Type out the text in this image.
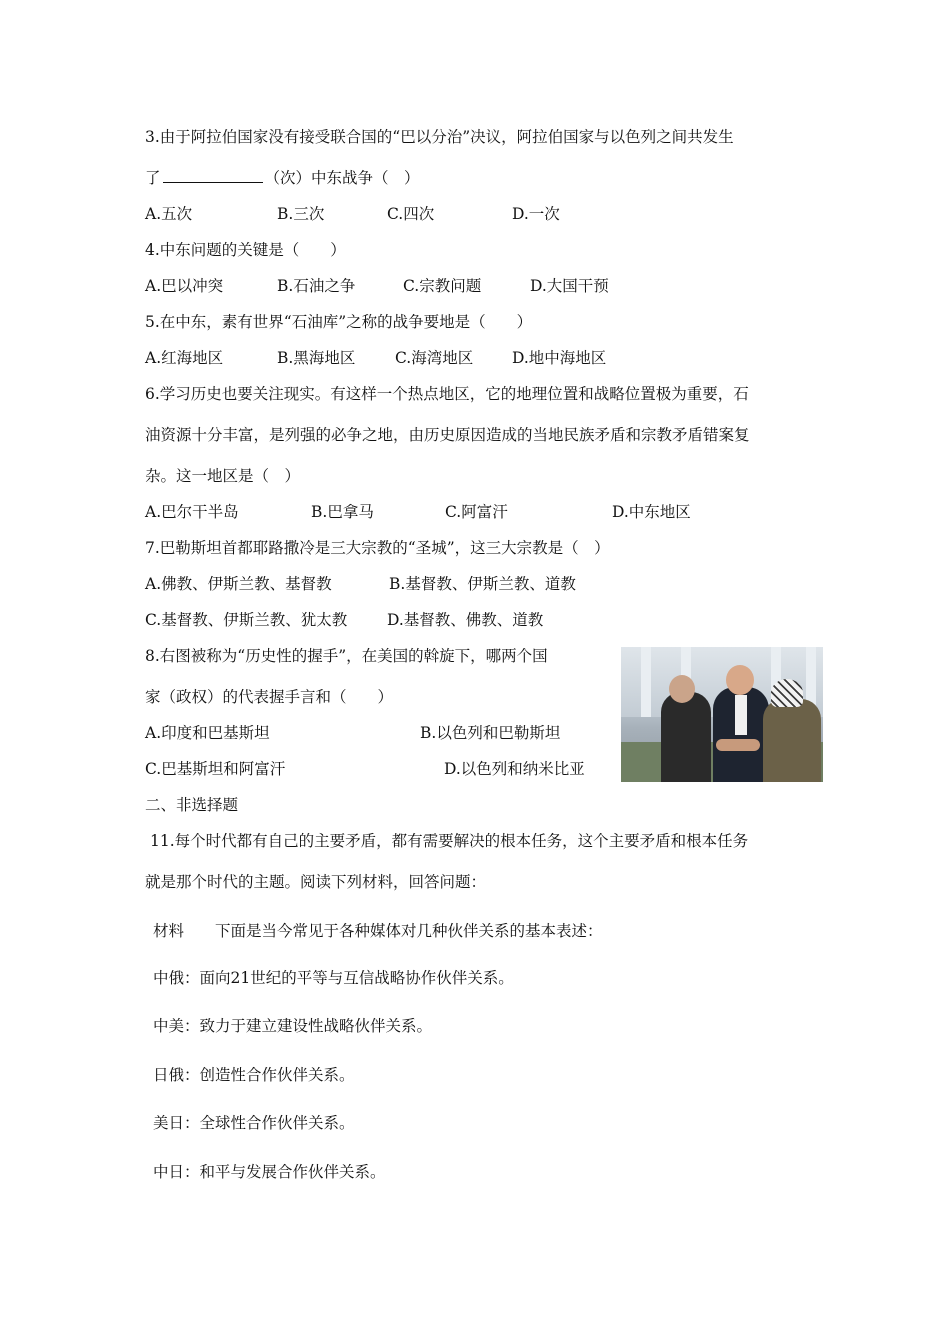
3.由于阿拉伯国家没有接受联合国的“巴以分治”决议，阿拉伯国家与以色列之间共发生
了	（次）中东战争（　）
A.五次	B.三次	C.四次	D.一次
4.中东问题的关键是（　　）
A.巴以冲突	B.石油之争	C.宗教问题	D.大国干预
5.在中东，素有世界“石油库”之称的战争要地是（　　）
A.红海地区	B.黑海地区	C.海湾地区	D.地中海地区
6.学习历史也要关注现实。有这样一个热点地区，它的地理位置和战略位置极为重要，石
油资源十分丰富，是列强的必争之地，由历史原因造成的当地民族矛盾和宗教矛盾错案复
杂。这一地区是（　）
A.巴尔干半岛	B.巴拿马	C.阿富汗	D.中东地区
7.巴勒斯坦首都耶路撒冷是三大宗教的“圣城”，这三大宗教是（　）
A.佛教、伊斯兰教、基督教	B.基督教、伊斯兰教、道教
C.基督教、伊斯兰教、犹太教	D.基督教、佛教、道教
8.右图被称为“历史性的握手”，在美国的斡旋下，哪两个国
家（政权）的代表握手言和（　　）
A.印度和巴基斯坦	B.以色列和巴勒斯坦
C.巴基斯坦和阿富汗	D.以色列和纳米比亚
二、非选择题
11.每个时代都有自己的主要矛盾，都有需要解决的根本任务，这个主要矛盾和根本任务
就是那个时代的主题。阅读下列材料，回答问题：
材料　　下面是当今常见于各种媒体对几种伙伴关系的基本表述：
中俄：面向21世纪的平等与互信战略协作伙伴关系。
中美：致力于建立建设性战略伙伴关系。
日俄：创造性合作伙伴关系。
美日：全球性合作伙伴关系。
中日：和平与发展合作伙伴关系。
